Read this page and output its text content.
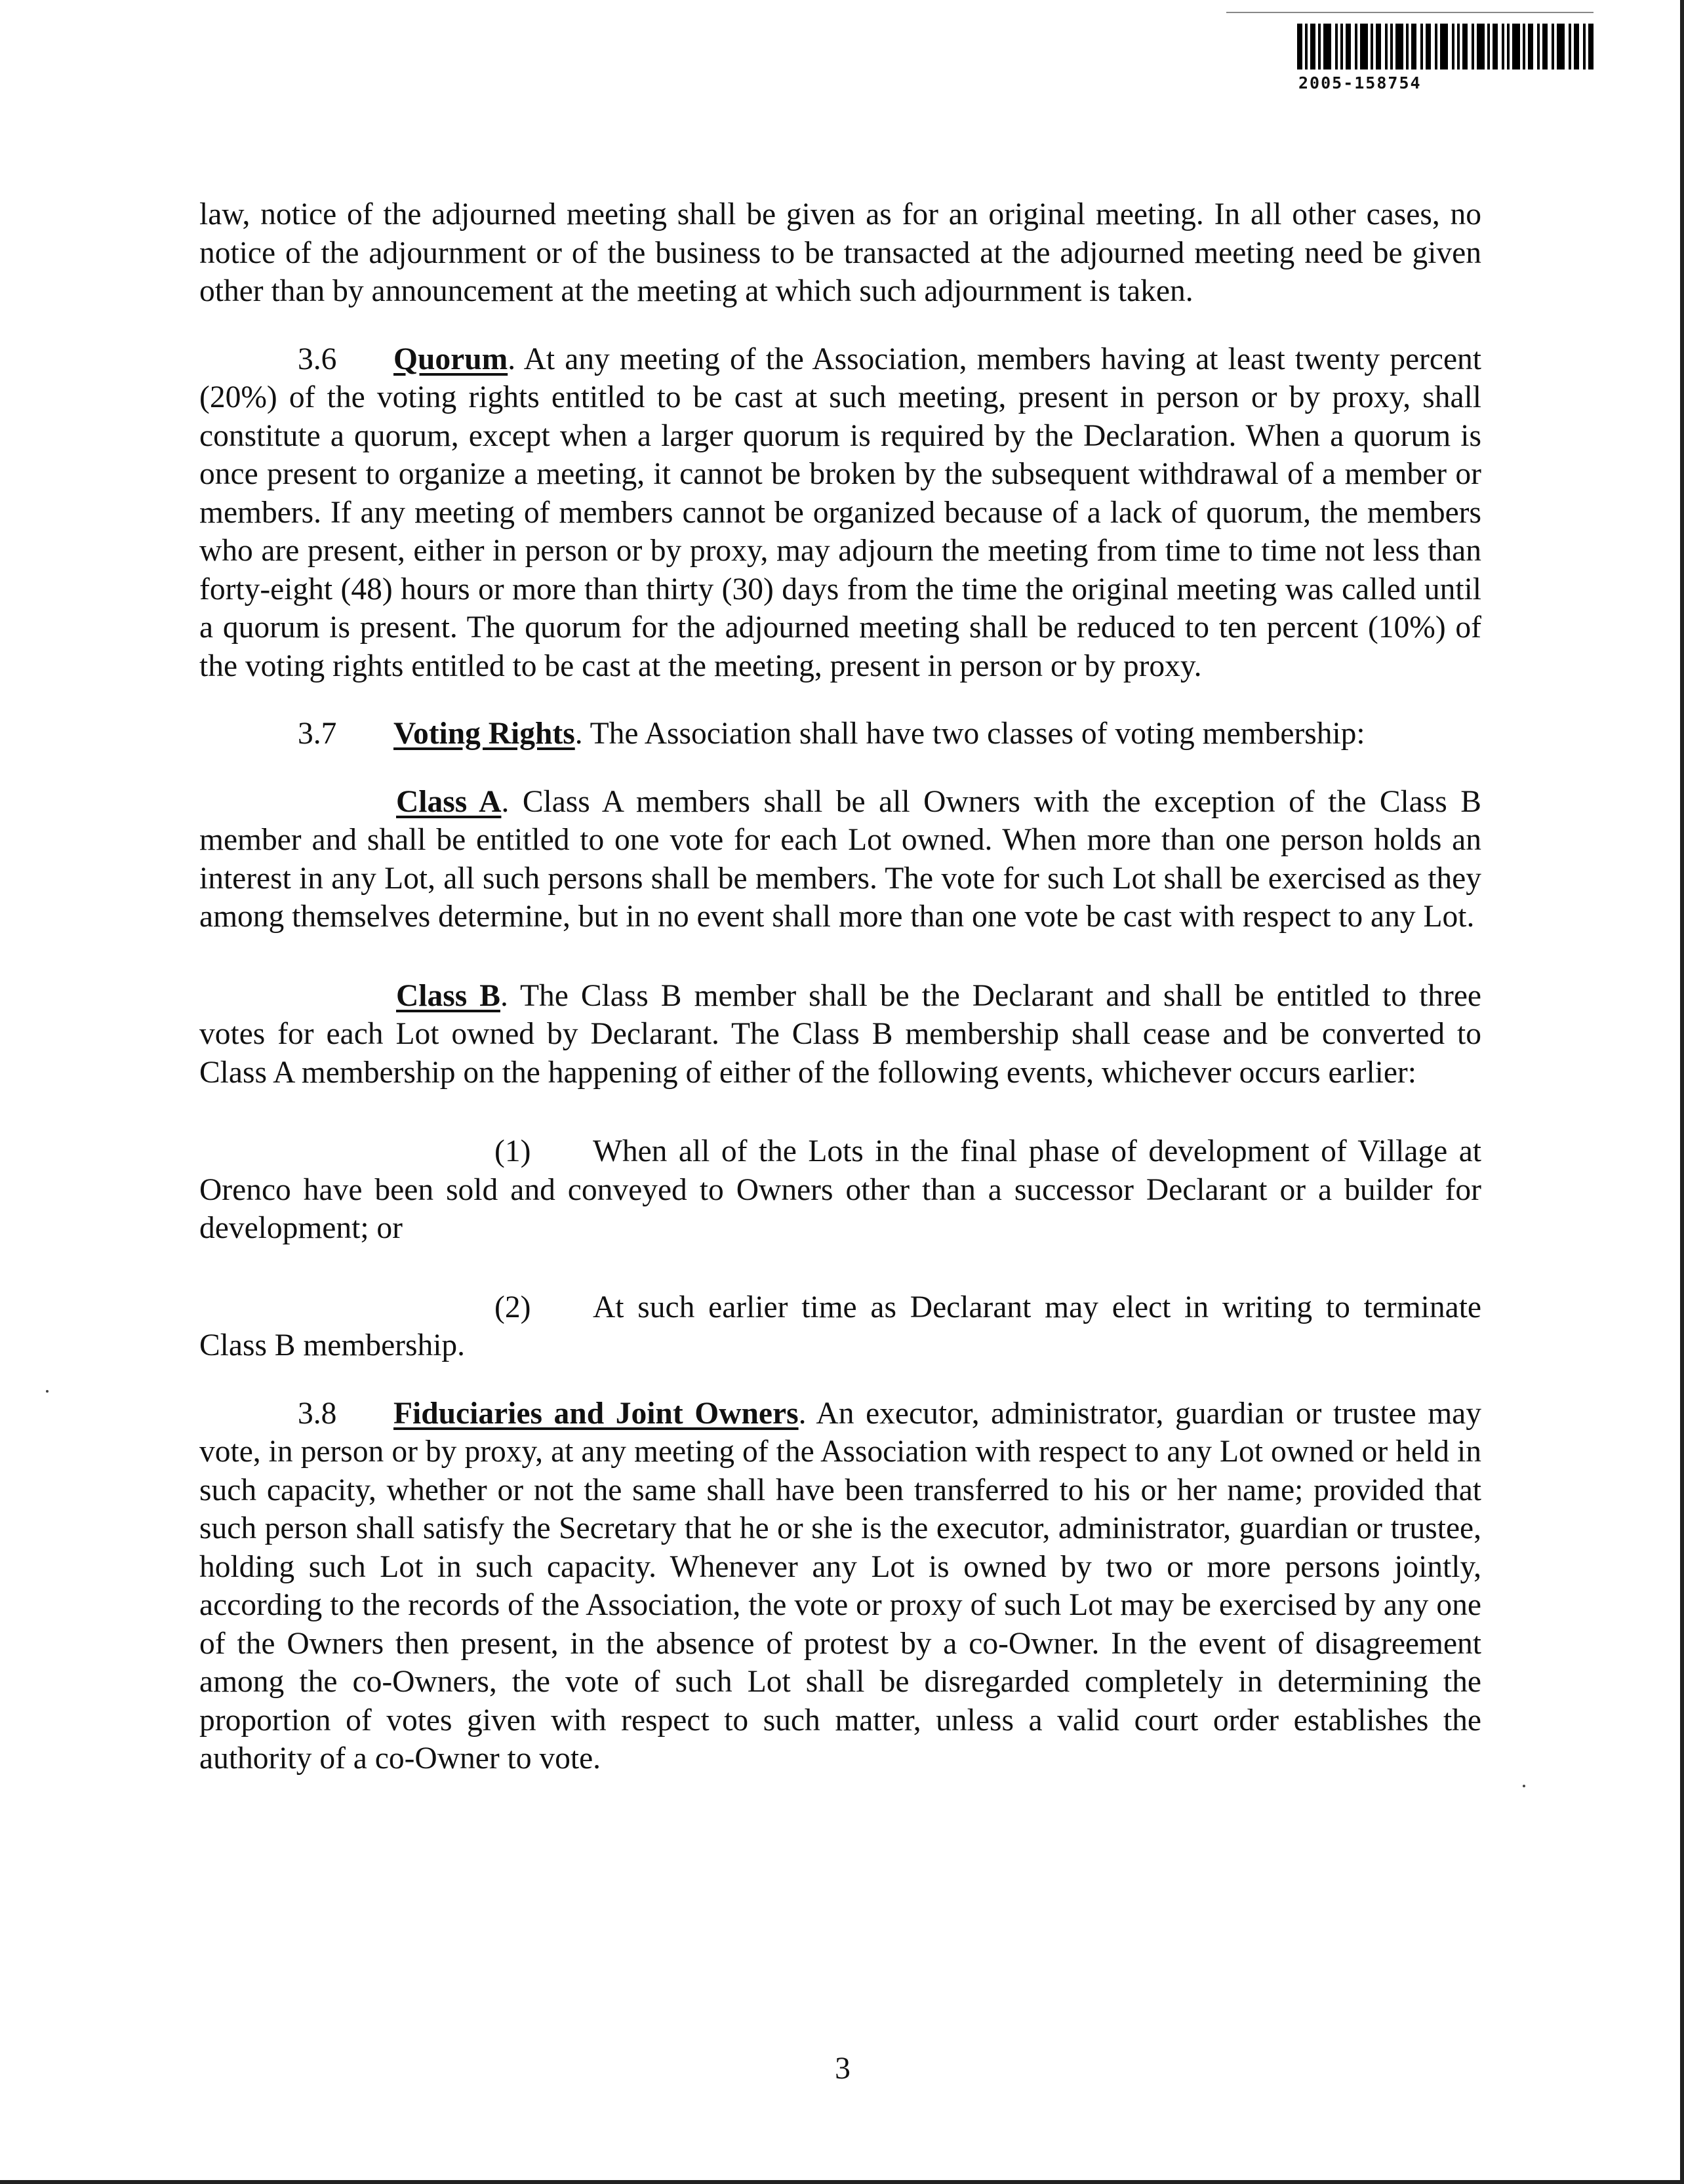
2005-158754

law, notice of the adjourned meeting shall be given as for an original meeting. In all other cases, no notice of the adjournment or of the business to be transacted at the adjourned meeting need be given other than by announcement at the meeting at which such adjournment is taken.

3.6 Quorum. At any meeting of the Association, members having at least twenty percent (20%) of the voting rights entitled to be cast at such meeting, present in person or by proxy, shall constitute a quorum, except when a larger quorum is required by the Declaration. When a quorum is once present to organize a meeting, it cannot be broken by the subsequent withdrawal of a member or members. If any meeting of members cannot be organized because of a lack of quorum, the members who are present, either in person or by proxy, may adjourn the meeting from time to time not less than forty-eight (48) hours or more than thirty (30) days from the time the original meeting was called until a quorum is present. The quorum for the adjourned meeting shall be reduced to ten percent (10%) of the voting rights entitled to be cast at the meeting, present in person or by proxy.

3.7 Voting Rights. The Association shall have two classes of voting membership:

Class A. Class A members shall be all Owners with the exception of the Class B member and shall be entitled to one vote for each Lot owned. When more than one person holds an interest in any Lot, all such persons shall be members. The vote for such Lot shall be exercised as they among themselves determine, but in no event shall more than one vote be cast with respect to any Lot.

Class B. The Class B member shall be the Declarant and shall be entitled to three votes for each Lot owned by Declarant. The Class B membership shall cease and be converted to Class A membership on the happening of either of the following events, whichever occurs earlier:

(1) When all of the Lots in the final phase of development of Village at Orenco have been sold and conveyed to Owners other than a successor Declarant or a builder for development; or

(2) At such earlier time as Declarant may elect in writing to terminate Class B membership.

3.8 Fiduciaries and Joint Owners. An executor, administrator, guardian or trustee may vote, in person or by proxy, at any meeting of the Association with respect to any Lot owned or held in such capacity, whether or not the same shall have been transferred to his or her name; provided that such person shall satisfy the Secretary that he or she is the executor, administrator, guardian or trustee, holding such Lot in such capacity. Whenever any Lot is owned by two or more persons jointly, according to the records of the Association, the vote or proxy of such Lot may be exercised by any one of the Owners then present, in the absence of protest by a co-Owner. In the event of disagreement among the co-Owners, the vote of such Lot shall be disregarded completely in determining the proportion of votes given with respect to such matter, unless a valid court order establishes the authority of a co-Owner to vote.

3
